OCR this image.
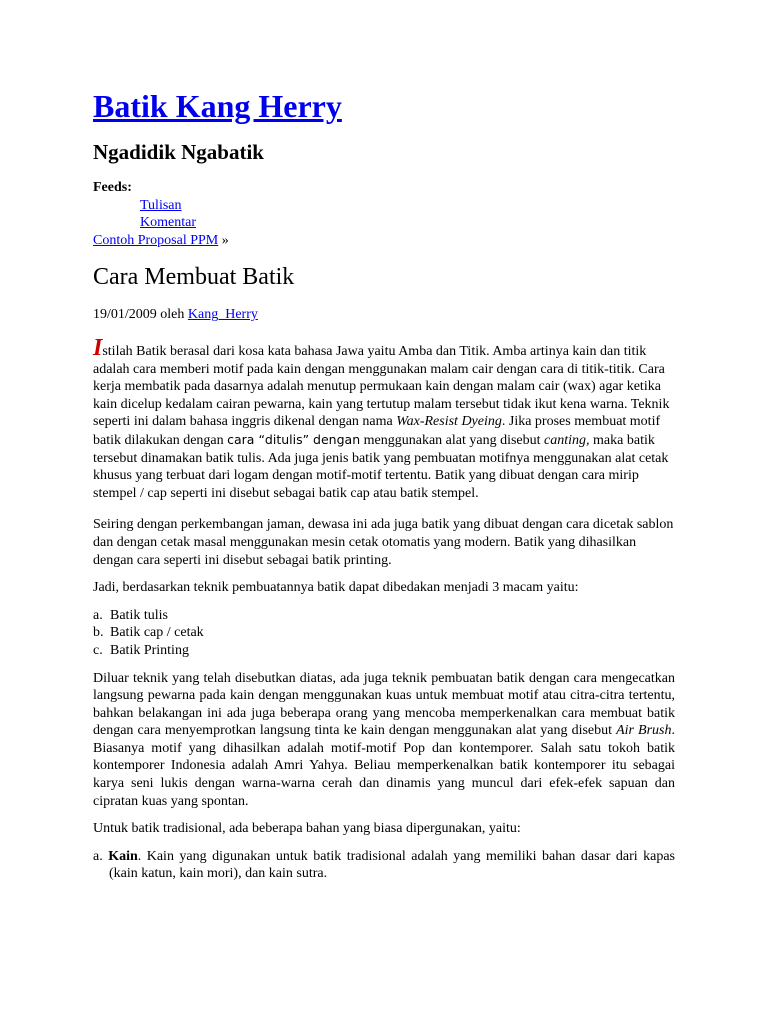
Batik Kang Herry
Ngadidik Ngabatik
Feeds:
Tulisan
Komentar
Contoh Proposal PPM »
Cara Membuat Batik
19/01/2009 oleh Kang_Herry

Istilah Batik berasal dari kosa kata bahasa Jawa yaitu Amba dan Titik. Amba artinya kain dan titik adalah cara memberi motif pada kain dengan menggunakan malam cair dengan cara di titik-titik. Cara kerja membatik pada dasarnya adalah menutup permukaan kain dengan malam cair (wax) agar ketika kain dicelup kedalam cairan pewarna, kain yang tertutup malam tersebut tidak ikut kena warna. Teknik seperti ini dalam bahasa inggris dikenal dengan nama Wax-Resist Dyeing. Jika proses membuat motif batik dilakukan dengan cara “ditulis” dengan menggunakan alat yang disebut canting, maka batik tersebut dinamakan batik tulis. Ada juga jenis batik yang pembuatan motifnya menggunakan alat cetak khusus yang terbuat dari logam dengan motif-motif tertentu. Batik yang dibuat dengan cara mirip stempel / cap seperti ini disebut sebagai batik cap atau batik stempel.

Seiring dengan perkembangan jaman, dewasa ini ada juga batik yang dibuat dengan cara dicetak sablon dan dengan cetak masal menggunakan mesin cetak otomatis yang modern. Batik yang dihasilkan dengan cara seperti ini disebut sebagai batik printing.

Jadi, berdasarkan teknik pembuatannya batik dapat dibedakan menjadi 3 macam yaitu:

a. Batik tulis
b. Batik cap / cetak
c. Batik Printing

Diluar teknik yang telah disebutkan diatas, ada juga teknik pembuatan batik dengan cara mengecatkan langsung pewarna pada kain dengan menggunakan kuas untuk membuat motif atau citra-citra tertentu, bahkan belakangan ini ada juga beberapa orang yang mencoba memperkenalkan cara membuat batik dengan cara menyemprotkan langsung tinta ke kain dengan menggunakan alat yang disebut Air Brush. Biasanya motif yang dihasilkan adalah motif-motif Pop dan kontemporer. Salah satu tokoh batik kontemporer Indonesia adalah Amri Yahya. Beliau memperkenalkan batik kontemporer itu sebagai karya seni lukis dengan warna-warna cerah dan dinamis yang muncul dari efek-efek sapuan dan cipratan kuas yang spontan.

Untuk batik tradisional, ada beberapa bahan yang biasa dipergunakan, yaitu:

a. Kain. Kain yang digunakan untuk batik tradisional adalah yang memiliki bahan dasar dari kapas (kain katun, kain mori), dan kain sutra.
